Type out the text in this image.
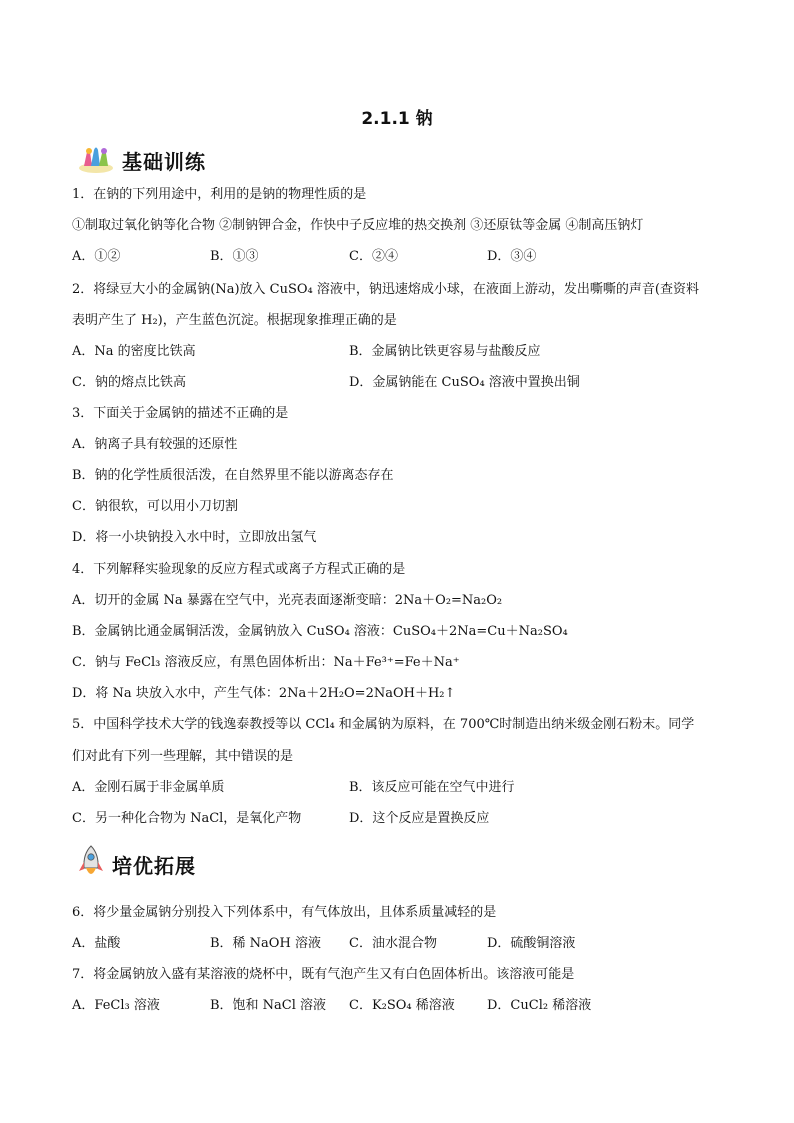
2.1.1 钠
基础训练
1．在钠的下列用途中，利用的是钠的物理性质的是
①制取过氧化钠等化合物 ②制钠钾合金，作快中子反应堆的热交换剂 ③还原钛等金属 ④制高压钠灯
A．①②	B．①③	C．②④	D．③④
2．将绿豆大小的金属钠(Na)放入 CuSO₄ 溶液中，钠迅速熔成小球，在液面上游动，发出嘶嘶的声音(查资料
表明产生了 H₂)，产生蓝色沉淀。根据现象推理正确的是
A．Na 的密度比铁高	B．金属钠比铁更容易与盐酸反应
C．钠的熔点比铁高	D．金属钠能在 CuSO₄ 溶液中置换出铜
3．下面关于金属钠的描述不正确的是
A．钠离子具有较强的还原性
B．钠的化学性质很活泼，在自然界里不能以游离态存在
C．钠很软，可以用小刀切割
D．将一小块钠投入水中时，立即放出氢气
4．下列解释实验现象的反应方程式或离子方程式正确的是
A．切开的金属 Na 暴露在空气中，光亮表面逐渐变暗：2Na＋O₂=Na₂O₂
B．金属钠比通金属铜活泼，金属钠放入 CuSO₄ 溶液：CuSO₄＋2Na=Cu＋Na₂SO₄
C．钠与 FeCl₃ 溶液反应，有黑色固体析出：Na＋Fe³⁺=Fe＋Na⁺
D．将 Na 块放入水中，产生气体：2Na＋2H₂O=2NaOH＋H₂↑
5．中国科学技术大学的钱逸泰教授等以 CCl₄ 和金属钠为原料，在 700℃时制造出纳米级金刚石粉末。同学
们对此有下列一些理解，其中错误的是
A．金刚石属于非金属单质	B．该反应可能在空气中进行
C．另一种化合物为 NaCl，是氧化产物	D．这个反应是置换反应
培优拓展
6．将少量金属钠分别投入下列体系中，有气体放出，且体系质量减轻的是
A．盐酸	B．稀 NaOH 溶液 C．油水混合物	D．硫酸铜溶液
7．将金属钠放入盛有某溶液的烧杯中，既有气泡产生又有白色固体析出。该溶液可能是
A．FeCl₃ 溶液	B．饱和 NaCl 溶液 C．K₂SO₄ 稀溶液 D．CuCl₂ 稀溶液
